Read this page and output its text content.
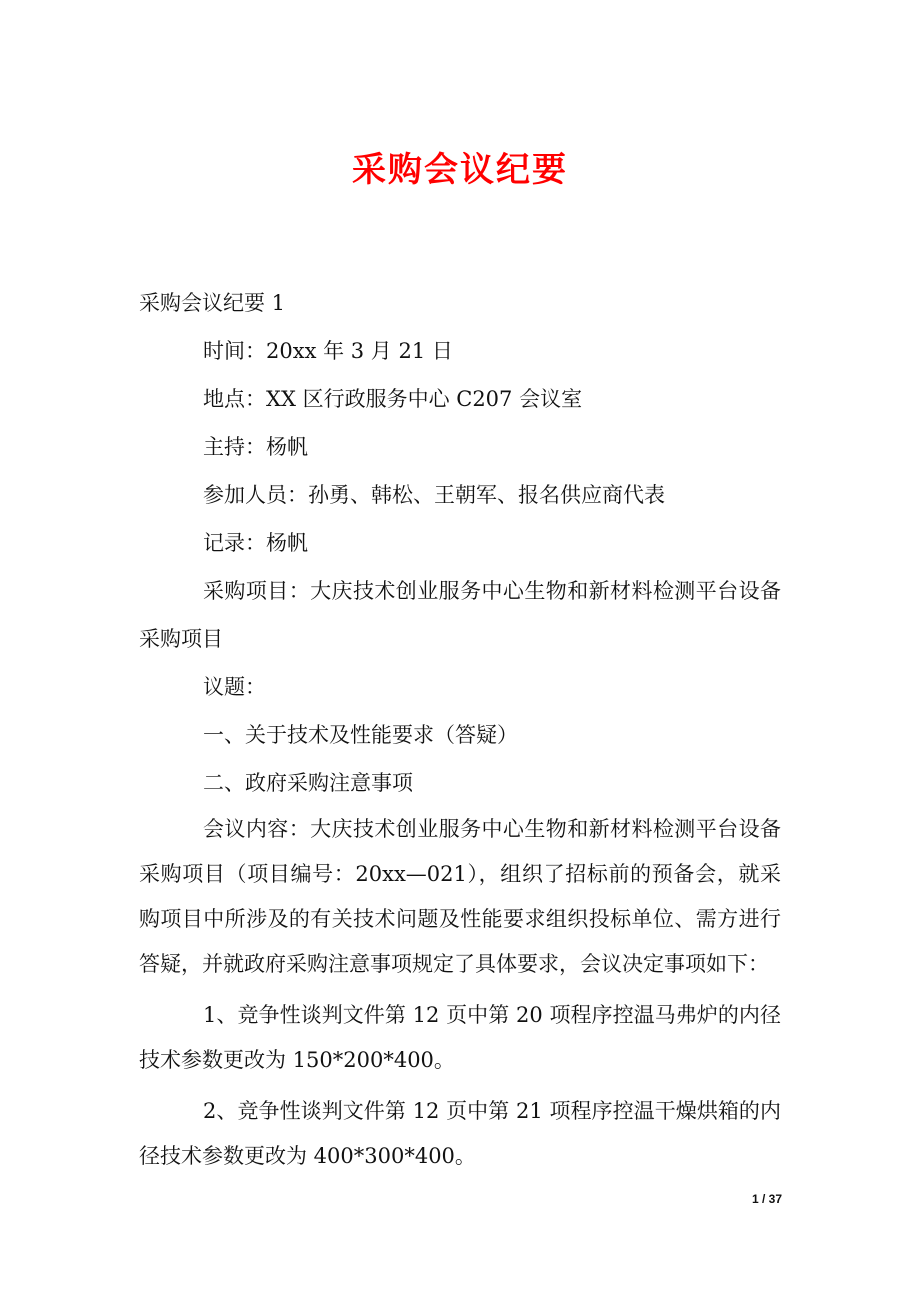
采购会议纪要

采购会议纪要 1

时间：20xx 年 3 月 21 日

地点：XX 区行政服务中心 C207 会议室

主持：杨帆

参加人员：孙勇、韩松、王朝军、报名供应商代表

记录：杨帆

采购项目：大庆技术创业服务中心生物和新材料检测平台设备采购项目

议题：

一、关于技术及性能要求（答疑）

二、政府采购注意事项

会议内容：大庆技术创业服务中心生物和新材料检测平台设备采购项目（项目编号：20xx—021），组织了招标前的预备会，就采购项目中所涉及的有关技术问题及性能要求组织投标单位、需方进行答疑，并就政府采购注意事项规定了具体要求，会议决定事项如下：

1、竞争性谈判文件第 12 页中第 20 项程序控温马弗炉的内径技术参数更改为 150*200*400。

2、竞争性谈判文件第 12 页中第 21 项程序控温干燥烘箱的内径技术参数更改为 400*300*400。

1 / 37
